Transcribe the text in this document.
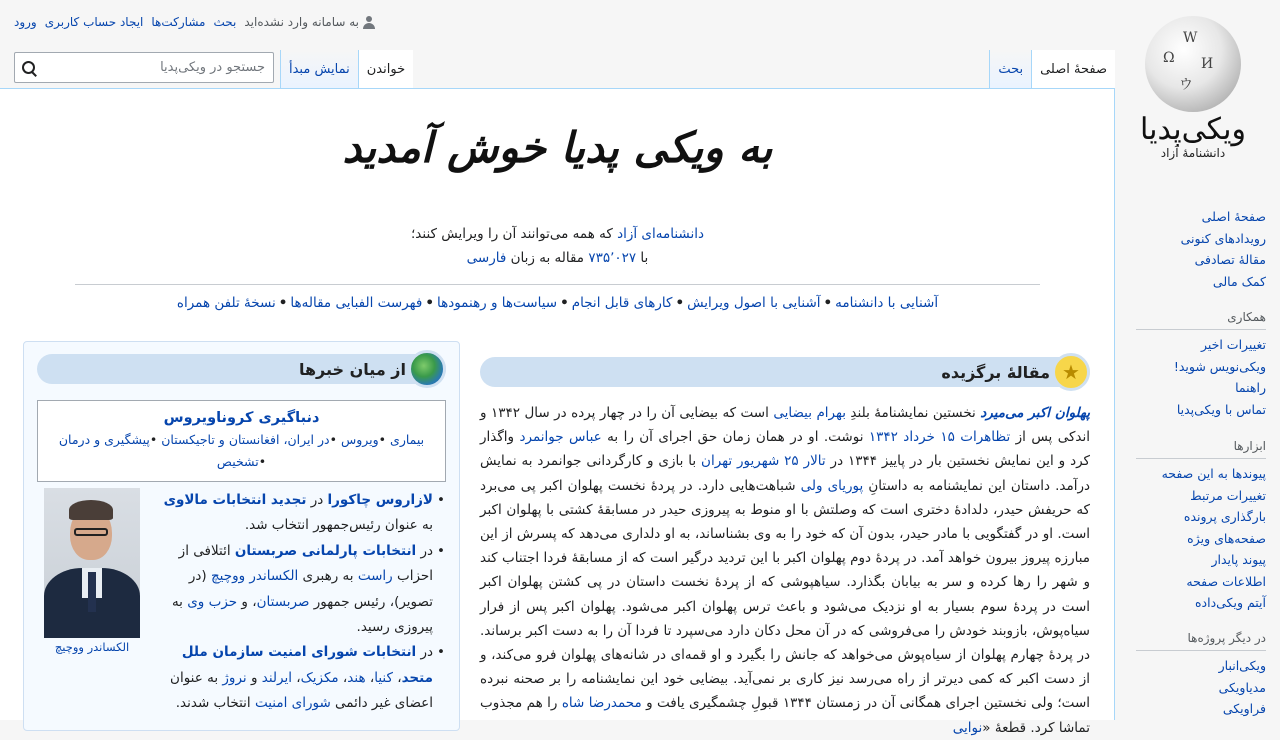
به سامانه وارد نشده‌اید
بحث
مشارکت‌ها
ایجاد حساب کاربری
ورود
صفحهٔ اصلی
بحث
خواندن
نمایش مبدأ
جستجو در ویکی‌پدیا
W
Ω И
ウ
ویکی‌پدیا
دانشنامهٔ آزاد
صفحهٔ اصلی
رویدادهای کنونی
مقالهٔ تصادفی
کمک مالی
همکاری
تغییرات اخیر
ویکی‌نویس شوید!
راهنما
تماس با ویکی‌پدیا
ابزارها
پیوندها به این صفحه
تغییرات مرتبط
بارگذاری پرونده
صفحه‌های ویژه
پیوند پایدار
اطلاعات صفحه
آیتم ویکی‌داده
در دیگر پروژه‌ها
ویکی‌انبار
مدیاویکی
فراویکی
به ویکی پدیا خوش آمدید
دانشنامه‌ای آزاد که همه می‌توانند آن را ویرایش کنند؛
با ۷۳۵٬۰۲۷ مقاله به زبان فارسی
آشنایی با دانشنامه•آشنایی با اصول ویرایش•کارهای قابل انجام•سیاست‌ها و رهنمودها•فهرست الفبایی مقاله‌ها•نسخهٔ تلفن همراه
★
مقالهٔ برگزیده
پهلوان اکبر می‌میرد نخستین نمایشنامهٔ بلندِ بهرام بیضایی است که بیضایی آن را در چهار پرده در سال ۱۳۴۲ و اندکی پس از تظاهرات ۱۵ خرداد ۱۳۴۲ نوشت. او در همان زمان حق اجرای آن را به عباس جوانمرد واگذار کرد و این نمایش نخستین بار در پاییز ۱۳۴۴ در تالار ۲۵ شهریور تهران با بازی و کارگردانی جوانمرد به نمایش درآمد. داستان این نمایشنامه به داستانِ پوریای ولی شباهت‌هایی دارد. در پردهٔ نخست پهلوان اکبر پی می‌برد که حریفش حیدر، دلدادهٔ دختری است که وصلتش با او منوط به پیروزی حیدر در مسابقهٔ کشتی با پهلوان اکبر است. او در گفتگویی با مادر حیدر، بدون آن که خود را به وی بشناساند، به او دلداری می‌دهد که پسرش از این مبارزه پیروز بیرون خواهد آمد. در پردهٔ دوم پهلوان اکبر با این تردید درگیر است که از مسابقهٔ فردا اجتناب کند و شهر را رها کرده و سر به بیابان بگذارد. سیاهپوشی که از پردهٔ نخست داستان در پی کشتن پهلوان اکبر است در پردهٔ سوم بسیار به او نزدیک می‌شود و باعث ترس پهلوان اکبر می‌شود. پهلوان اکبر پس از فرار سیاه‌پوش، بازوبند خودش را می‌فروشی که در آن محل دکان دارد می‌سپرد تا فردا آن را به دست اکبر برساند. در پردهٔ چهارم پهلوان از سیاه‌پوش می‌خواهد که جانش را بگیرد و او قمه‌ای در شانه‌های پهلوان فرو می‌کند، و از دست اکبر که کمی دیرتر از راه می‌رسد نیز کاری بر نمی‌آید. بیضایی خود این نمایشنامه را بر صحنه نبرده است؛ ولی نخستین اجرای همگانی آن در زمستان ۱۳۴۴ قبولِ چشمگیری یافت و محمدرضا شاه را هم مجذوب تماشا کرد. قطعهٔ «نوایی
از میان خبرها
دنباگیری کروناویروس
بیماری •ویروس •در ایران، افغانستان و تاجیکستان •پیشگیری و درمان
•تشخیص
الکساندر ووچیچ
• لازاروس چاکورا در تجدید انتخابات مالاوی به عنوان رئیس‌جمهور انتخاب شد.
• در انتخابات پارلمانی صربستان ائتلافی از احزاب راست به رهبری الکساندر ووچیچ (در تصویر)، رئیس جمهور صربستان، و حزب وی به پیروزی رسید.
• در انتخابات شورای امنیت سازمان ملل متحد، کنیا، هند، مکزیک، ایرلند و نروژ به عنوان اعضای غیر دائمی شورای امنیت انتخاب شدند.
